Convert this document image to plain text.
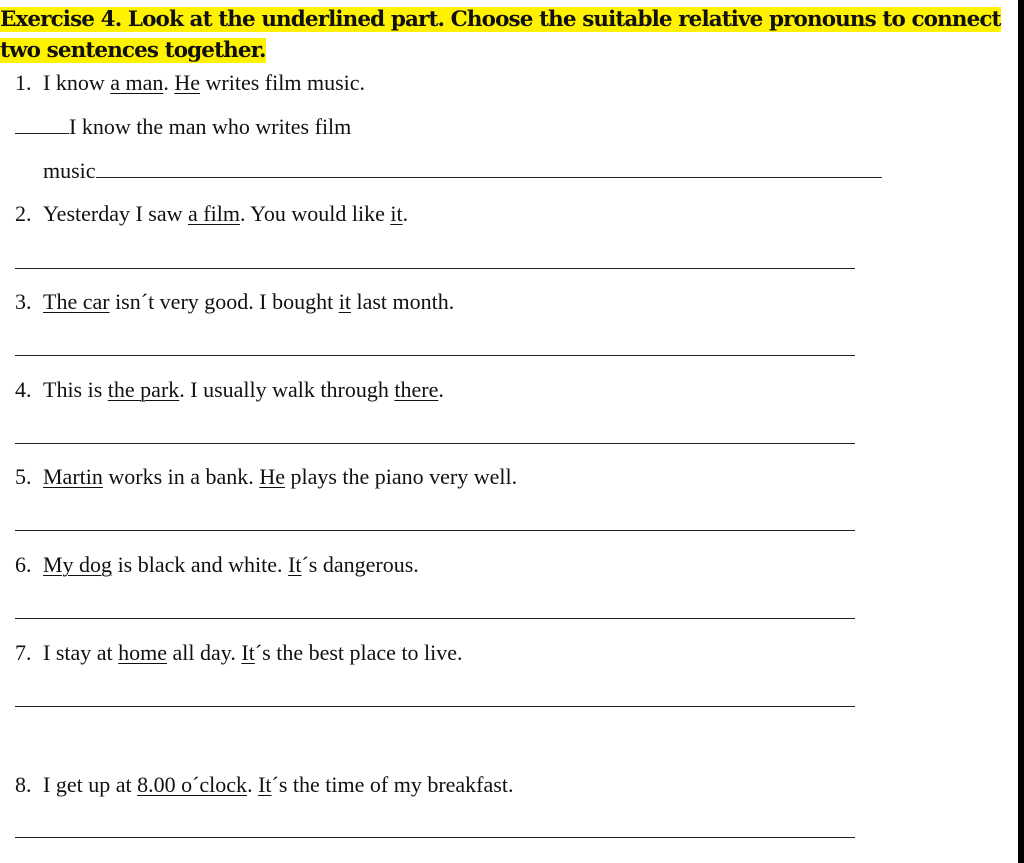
Exercise 4. Look at the underlined part. Choose the suitable relative pronouns to connect two sentences together.
1. I know a man. He writes film music.
I know the man who writes film
music
2. Yesterday I saw a film. You would like it.
3. The car isn´t very good. I bought it last month.
4. This is the park. I usually walk through there.
5. Martin works in a bank. He plays the piano very well.
6. My dog is black and white. It´s dangerous.
7. I stay at home all day. It´s the best place to live.
8. I get up at 8.00 o´clock. It´s the time of my breakfast.
